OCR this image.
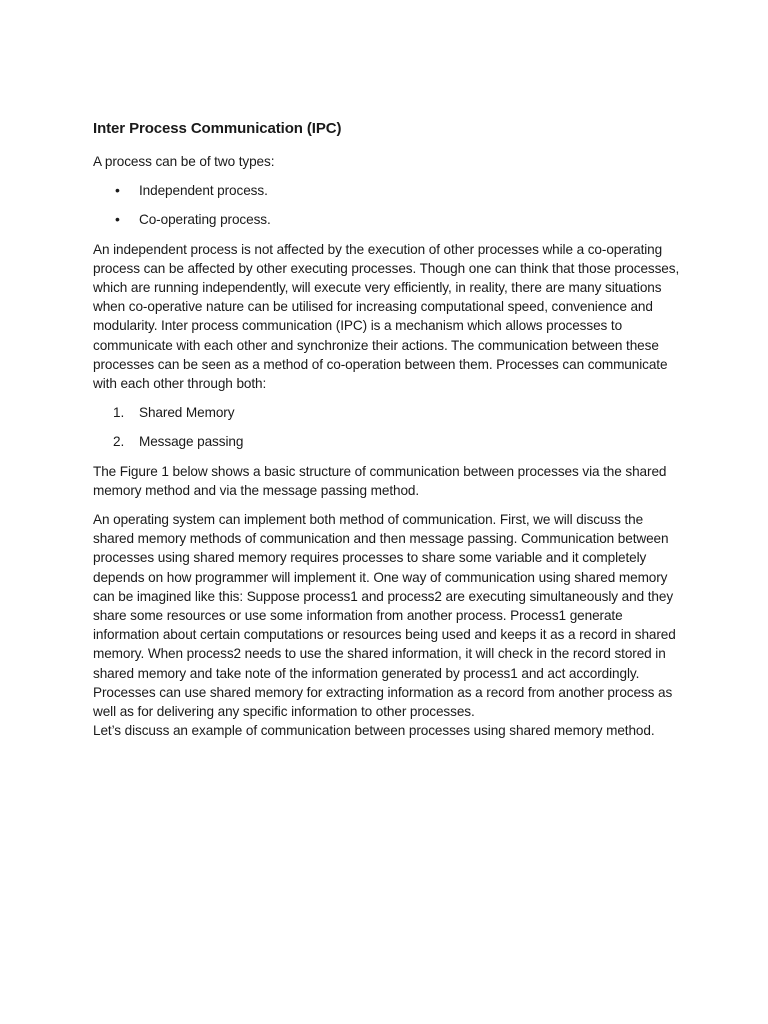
Inter Process Communication (IPC)

A process can be of two types:

• Independent process.
• Co-operating process.

An independent process is not affected by the execution of other processes while a co-operating process can be affected by other executing processes. Though one can think that those processes, which are running independently, will execute very efficiently, in reality, there are many situations when co-operative nature can be utilised for increasing computational speed, convenience and modularity. Inter process communication (IPC) is a mechanism which allows processes to communicate with each other and synchronize their actions. The communication between these processes can be seen as a method of co-operation between them. Processes can communicate with each other through both:

1. Shared Memory
2. Message passing

The Figure 1 below shows a basic structure of communication between processes via the shared memory method and via the message passing method.

An operating system can implement both method of communication. First, we will discuss the shared memory methods of communication and then message passing. Communication between processes using shared memory requires processes to share some variable and it completely depends on how programmer will implement it. One way of communication using shared memory can be imagined like this: Suppose process1 and process2 are executing simultaneously and they share some resources or use some information from another process. Process1 generate information about certain computations or resources being used and keeps it as a record in shared memory. When process2 needs to use the shared information, it will check in the record stored in shared memory and take note of the information generated by process1 and act accordingly. Processes can use shared memory for extracting information as a record from another process as well as for delivering any specific information to other processes.

Let’s discuss an example of communication between processes using shared memory method.
